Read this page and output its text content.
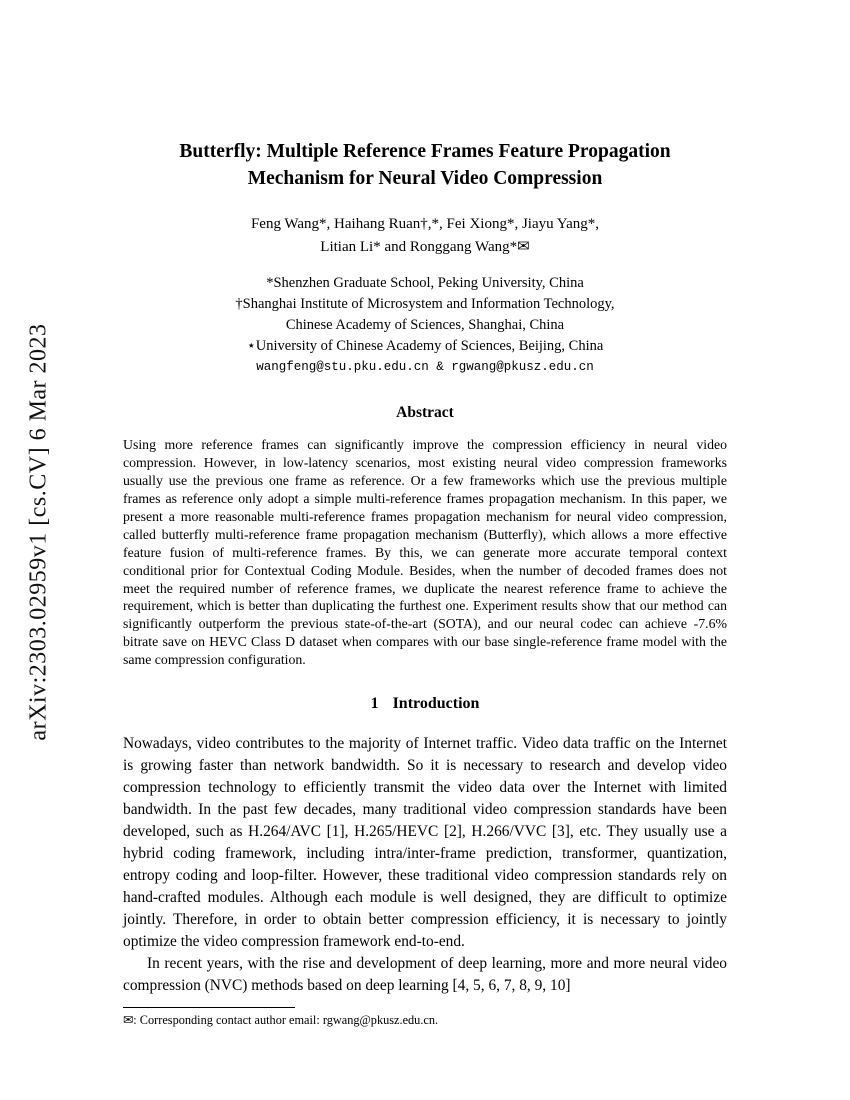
arXiv:2303.02959v1 [cs.CV] 6 Mar 2023
Butterfly: Multiple Reference Frames Feature Propagation
Mechanism for Neural Video Compression
Feng Wang*, Haihang Ruan†,*, Fei Xiong*, Jiayu Yang*,
Litian Li* and Ronggang Wang*✉
*Shenzhen Graduate School, Peking University, China
†Shanghai Institute of Microsystem and Information Technology,
Chinese Academy of Sciences, Shanghai, China
⋆University of Chinese Academy of Sciences, Beijing, China
wangfeng@stu.pku.edu.cn & rgwang@pkusz.edu.cn
Abstract

Using more reference frames can significantly improve the compression efficiency in neural video compression. However, in low-latency scenarios, most existing neural video compression frameworks usually use the previous one frame as reference. Or a few frameworks which use the previous multiple frames as reference only adopt a simple multi-reference frames propagation mechanism. In this paper, we present a more reasonable multi-reference frames propagation mechanism for neural video compression, called butterfly multi-reference frame propagation mechanism (Butterfly), which allows a more effective feature fusion of multi-reference frames. By this, we can generate more accurate temporal context conditional prior for Contextual Coding Module. Besides, when the number of decoded frames does not meet the required number of reference frames, we duplicate the nearest reference frame to achieve the requirement, which is better than duplicating the furthest one. Experiment results show that our method can significantly outperform the previous state-of-the-art (SOTA), and our neural codec can achieve -7.6% bitrate save on HEVC Class D dataset when compares with our base single-reference frame model with the same compression configuration.

1 Introduction

Nowadays, video contributes to the majority of Internet traffic. Video data traffic on the Internet is growing faster than network bandwidth. So it is necessary to research and develop video compression technology to efficiently transmit the video data over the Internet with limited bandwidth. In the past few decades, many traditional video compression standards have been developed, such as H.264/AVC [1], H.265/HEVC [2], H.266/VVC [3], etc. They usually use a hybrid coding framework, including intra/inter-frame prediction, transformer, quantization, entropy coding and loop-filter. However, these traditional video compression standards rely on hand-crafted modules. Although each module is well designed, they are difficult to optimize jointly. Therefore, in order to obtain better compression efficiency, it is necessary to jointly optimize the video compression framework end-to-end.

In recent years, with the rise and development of deep learning, more and more neural video compression (NVC) methods based on deep learning [4, 5, 6, 7, 8, 9, 10]

✉: Corresponding contact author email: rgwang@pkusz.edu.cn.
